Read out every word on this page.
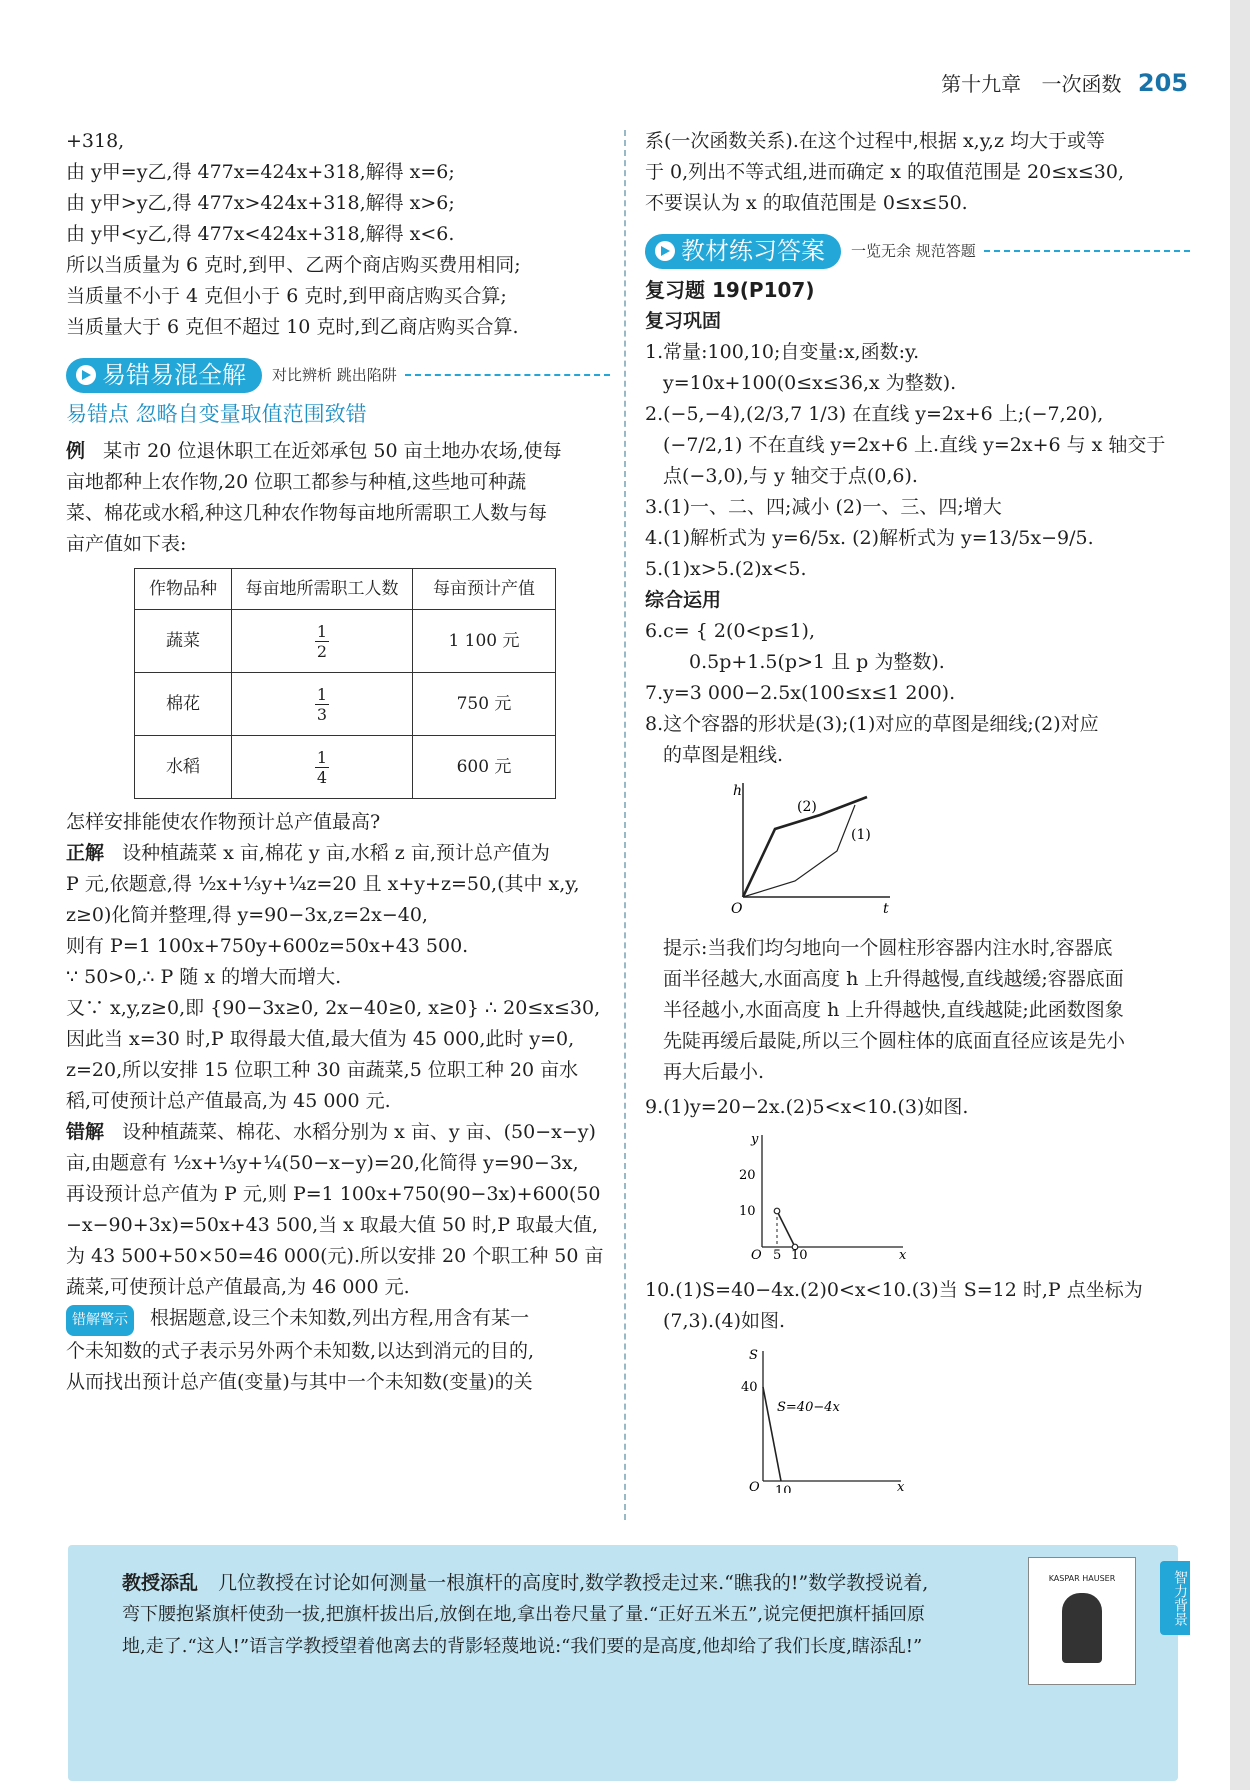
第十九章 一次函数 205
+318,
由 y甲=y乙,得 477x=424x+318,解得 x=6;
由 y甲>y乙,得 477x>424x+318,解得 x>6;
由 y甲<y乙,得 477x<424x+318,解得 x<6.
所以当质量为 6 克时,到甲、乙两个商店购买费用相同;
当质量不小于 4 克但小于 6 克时,到甲商店购买合算;
当质量大于 6 克但不超过 10 克时,到乙商店购买合算.
易错易混全解 对比辨析 跳出陷阱
易错点 忽略自变量取值范围致错
例 某市 20 位退休职工在近郊承包 50 亩土地办农场,使每
亩地都种上农作物,20 位职工都参与种植,这些地可种蔬
菜、棉花或水稻,种这几种农作物每亩地所需职工人数与每
亩产值如下表:
作物品种	每亩地所需职工人数	每亩预计产值
蔬菜	$\frac{1}{2}$	1 100 元
棉花	$\frac{1}{3}$	750 元
水稻	$\frac{1}{4}$	600 元
怎样安排能使农作物预计总产值最高?
正解 设种植蔬菜 x 亩,棉花 y 亩,水稻 z 亩,预计总产值为
P 元,依题意,得 ½x+⅓y+¼z=20 且 x+y+z=50,(其中 x,y,
z≥0)化简并整理,得 y=90−3x,z=2x−40,
则有 P=1 100x+750y+600z=50x+43 500.
∵ 50>0,∴ P 随 x 的增大而增大.
又∵ x,y,z≥0,即 {90−3x≥0, 2x−40≥0, x≥0} ∴ 20≤x≤30,
因此当 x=30 时,P 取得最大值,最大值为 45 000,此时 y=0,
z=20,所以安排 15 位职工种 30 亩蔬菜,5 位职工种 20 亩水
稻,可使预计总产值最高,为 45 000 元.
错解 设种植蔬菜、棉花、水稻分别为 x 亩、y 亩、(50−x−y)
亩,由题意有 ½x+⅓y+¼(50−x−y)=20,化简得 y=90−3x,
再设预计总产值为 P 元,则 P=1 100x+750(90−3x)+600(50
−x−90+3x)=50x+43 500,当 x 取最大值 50 时,P 取最大值,
为 43 500+50×50=46 000(元).所以安排 20 个职工种 50 亩
蔬菜,可使预计总产值最高,为 46 000 元.
错解警示 根据题意,设三个未知数,列出方程,用含有某一
个未知数的式子表示另外两个未知数,以达到消元的目的,
从而找出预计总产值(变量)与其中一个未知数(变量)的关
系(一次函数关系).在这个过程中,根据 x,y,z 均大于或等
于 0,列出不等式组,进而确定 x 的取值范围是 20≤x≤30,
不要误认为 x 的取值范围是 0≤x≤50.
教材练习答案 一览无余 规范答题
复习题 19(P107)
复习巩固
1.常量:100,10;自变量:x,函数:y.
y=10x+100(0≤x≤36,x 为整数).
2.(−5,−4),(2/3,7 1/3) 在直线 y=2x+6 上;(−7,20),
(−7/2,1) 不在直线 y=2x+6 上.直线 y=2x+6 与 x 轴交于
点(−3,0),与 y 轴交于点(0,6).
3.(1)一、二、四;减小 (2)一、三、四;增大
4.(1)解析式为 y=6/5x. (2)解析式为 y=13/5x−9/5.
5.(1)x>5.(2)x<5.
综合运用
6.c= { 2(0<p≤1),
0.5p+1.5(p>1 且 p 为整数).
7.y=3 000−2.5x(100≤x≤1 200).
8.这个容器的形状是(3);(1)对应的草图是细线;(2)对应
的草图是粗线.
h
t
O
(1)
(2)
提示:当我们均匀地向一个圆柱形容器内注水时,容器底
面半径越大,水面高度 h 上升得越慢,直线越缓;容器底面
半径越小,水面高度 h 上升得越快,直线越陡;此函数图象
先陡再缓后最陡,所以三个圆柱体的底面直径应该是先小
再大后最小.
9.(1)y=20−2x.(2)5<x<10.(3)如图.
y
x
O
20
10
5 10
10.(1)S=40−4x.(2)0<x<10.(3)当 S=12 时,P 点坐标为
(7,3).(4)如图.
S
x
O
40
10
S=40−4x
教授添乱 几位教授在讨论如何测量一根旗杆的高度时,数学教授走过来.“瞧我的!”数学教授说着,
弯下腰抱紧旗杆使劲一拔,把旗杆拔出后,放倒在地,拿出卷尺量了量.“正好五米五”,说完便把旗杆插回原
地,走了.“这人!”语言学教授望着他离去的背影轻蔑地说:“我们要的是高度,他却给了我们长度,瞎添乱!”
KASPAR HAUSER	智力背景
